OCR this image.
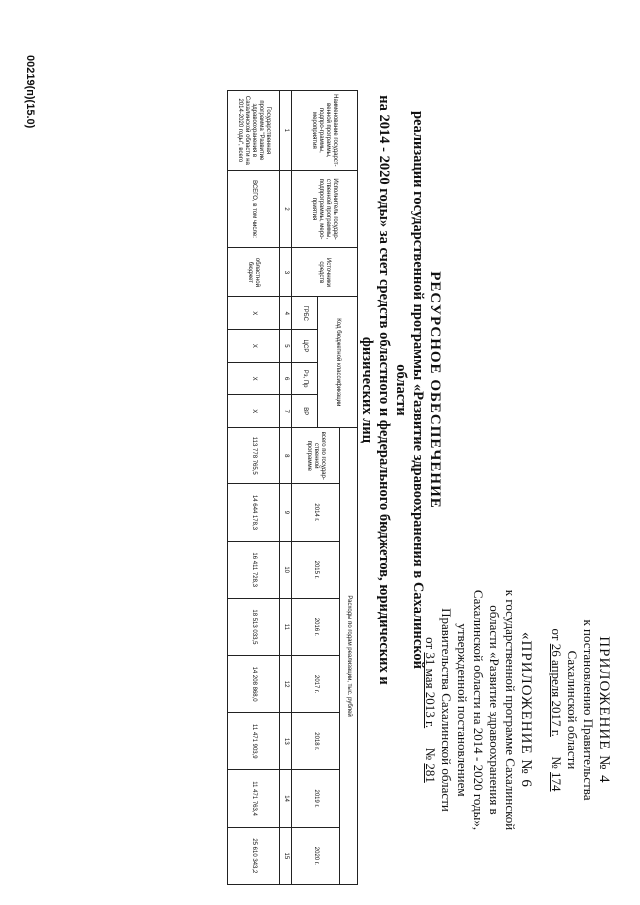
ПРИЛОЖЕНИЕ № 4
к постановлению Правительства
Сахалинской области
от 26 апреля 2017 г.      № 174
«ПРИЛОЖЕНИЕ № 6
к государственной программе Сахалинской
области «Развитие здравоохранения в
Сахалинской области на 2014 - 2020 годы»,
утвержденной постановлением
Правительства Сахалинской области
от 31 мая 2013 г.      № 281
РЕСУРСНОЕ ОБЕСПЕЧЕНИЕ
реализации государственной программы «Развитие здравоохранения в Сахалинской области
на 2014 - 2020 годы» за счет средств областного и федерального бюджетов, юридических и
физических лиц
Наименование государст-венной программы, подпро-граммы, мероприятия	Исполнитель государ-ственной программы, подпрограммы, меро-приятия	Источники средств	Код бюджетной классификации				Расходы по годам реализации, тыс. рублей							
							всего по государ-ственной программе	2014 г.	2015 г.	2016 г.	2017 г.	2018 г.	2019 г.	2020 г.
			ГРБС	ЦСР	Рз, Пр	ВР								
1	2	3	4	5	6	7	8	9	10	11	12	13	14	15
Государственная программа "Развитие здравоохранения в Сахалинской области на 2014-2020 годы", всего	ВСЕГО, в том числе:	областной бюджет	X	X	X	X	113 778 765,5	14 644 178,3	16 411 728,3	18 513 033,5	14 208 868,0	11 471 903,9	11 471 763,4	25 610 343,2
00219(п)(15.0)
